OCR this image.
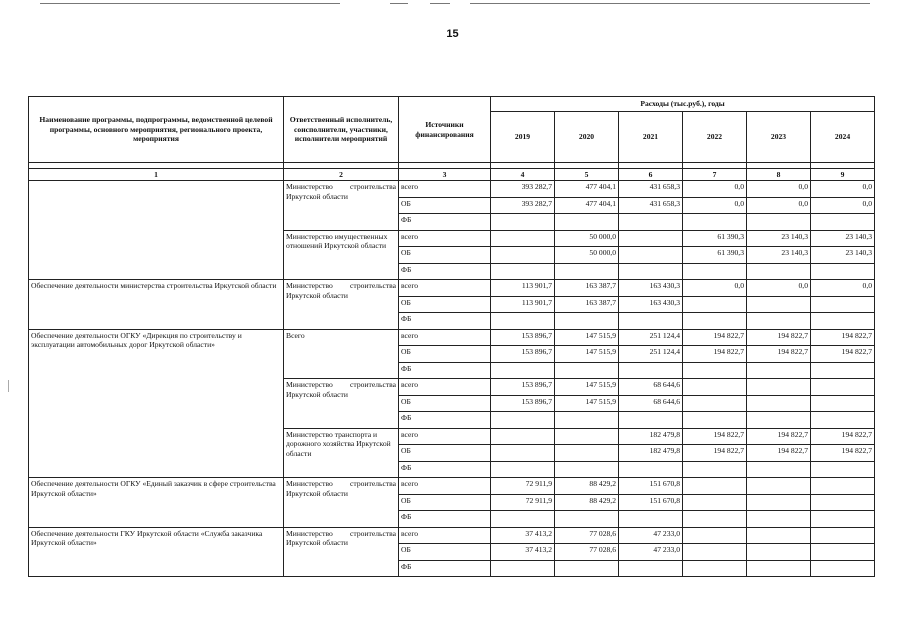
15
Наименование программы, подпрограммы, ведомственной целевой программы, основного мероприятия, регионального проекта, мероприятия	Ответственный исполнитель, соисполнители, участники, исполнители мероприятий	Источники финансирования	Расходы (тыс.руб.), годы					
			2019	2020	2021	2022	2023	2024

1	2	3	4	5	6	7	8	9
	Министерство строительства Иркутской области	всего	393 282,7	477 404,1	431 658,3	0,0	0,0	0,0
		ОБ	393 282,7	477 404,1	431 658,3	0,0	0,0	0,0
		ФБ						
	Министерство имущественных отношений Иркутской области	всего		50 000,0		61 390,3	23 140,3	23 140,3
		ОБ		50 000,0		61 390,3	23 140,3	23 140,3
		ФБ						
Обеспечение деятельности министерства строительства Иркутской области	Министерство строительства Иркутской области	всего	113 901,7	163 387,7	163 430,3	0,0	0,0	0,0
		ОБ	113 901,7	163 387,7	163 430,3			
		ФБ						
Обеспечение деятельности ОГКУ «Дирекция по строительству и эксплуатации автомобильных дорог Иркутской области»	Всего	всего	153 896,7	147 515,9	251 124,4	194 822,7	194 822,7	194 822,7
		ОБ	153 896,7	147 515,9	251 124,4	194 822,7	194 822,7	194 822,7
		ФБ						
	Министерство строительства Иркутской области	всего	153 896,7	147 515,9	68 644,6			
		ОБ	153 896,7	147 515,9	68 644,6			
		ФБ						
	Министерство транспорта и дорожного хозяйства Иркутской области	всего			182 479,8	194 822,7	194 822,7	194 822,7
		ОБ			182 479,8	194 822,7	194 822,7	194 822,7
		ФБ						
Обеспечение деятельности ОГКУ «Единый заказчик в сфере строительства Иркутской области»	Министерство строительства Иркутской области	всего	72 911,9	88 429,2	151 670,8			
		ОБ	72 911,9	88 429,2	151 670,8			
		ФБ						
Обеспечение деятельности ГКУ Иркутской области «Служба заказчика Иркутской области»	Министерство строительства Иркутской области	всего	37 413,2	77 028,6	47 233,0			
		ОБ	37 413,2	77 028,6	47 233,0			
		ФБ						
